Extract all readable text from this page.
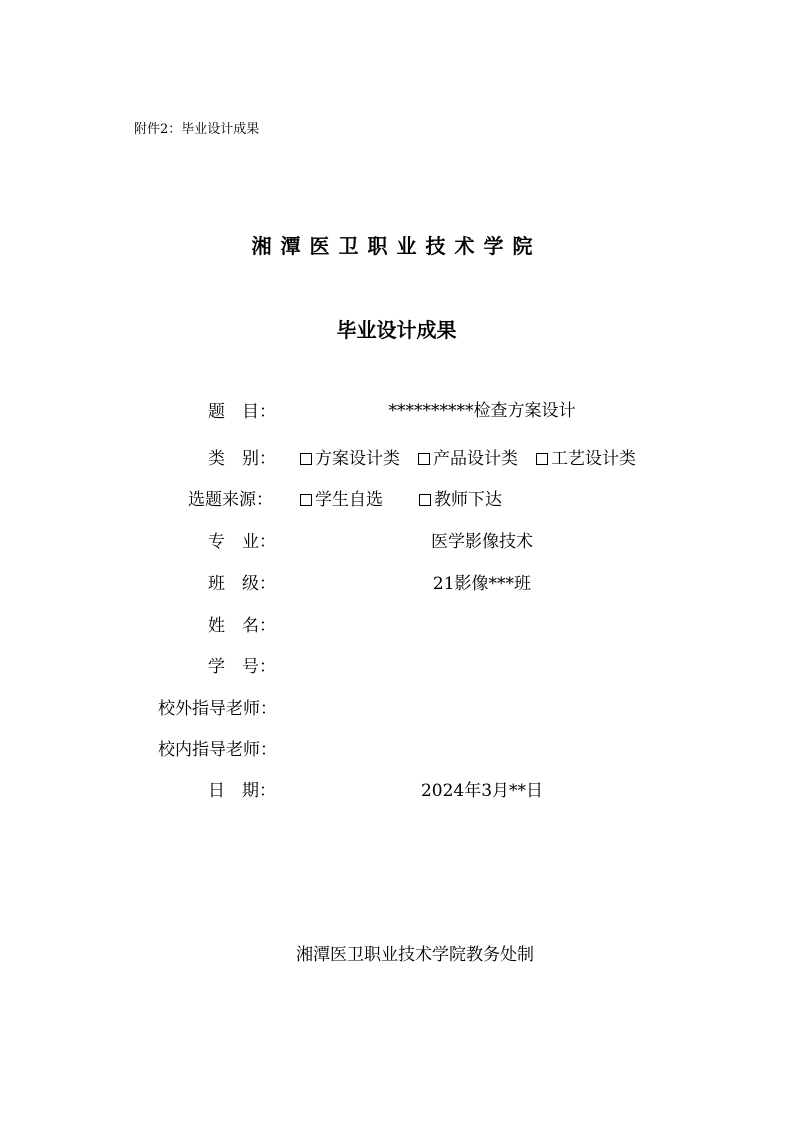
附件2：毕业设计成果
湘潭医卫职业技术学院
毕业设计成果
题　目：	**********检查方案设计
类　别：	方案设计类 产品设计类 工艺设计类
选题来源：	学生自选	教师下达
专　业：	医学影像技术
班　级：	21影像***班
姓　名：
学　号：
校外指导老师：
校内指导老师：
日　期：	2024年3月**日
湘潭医卫职业技术学院教务处制
